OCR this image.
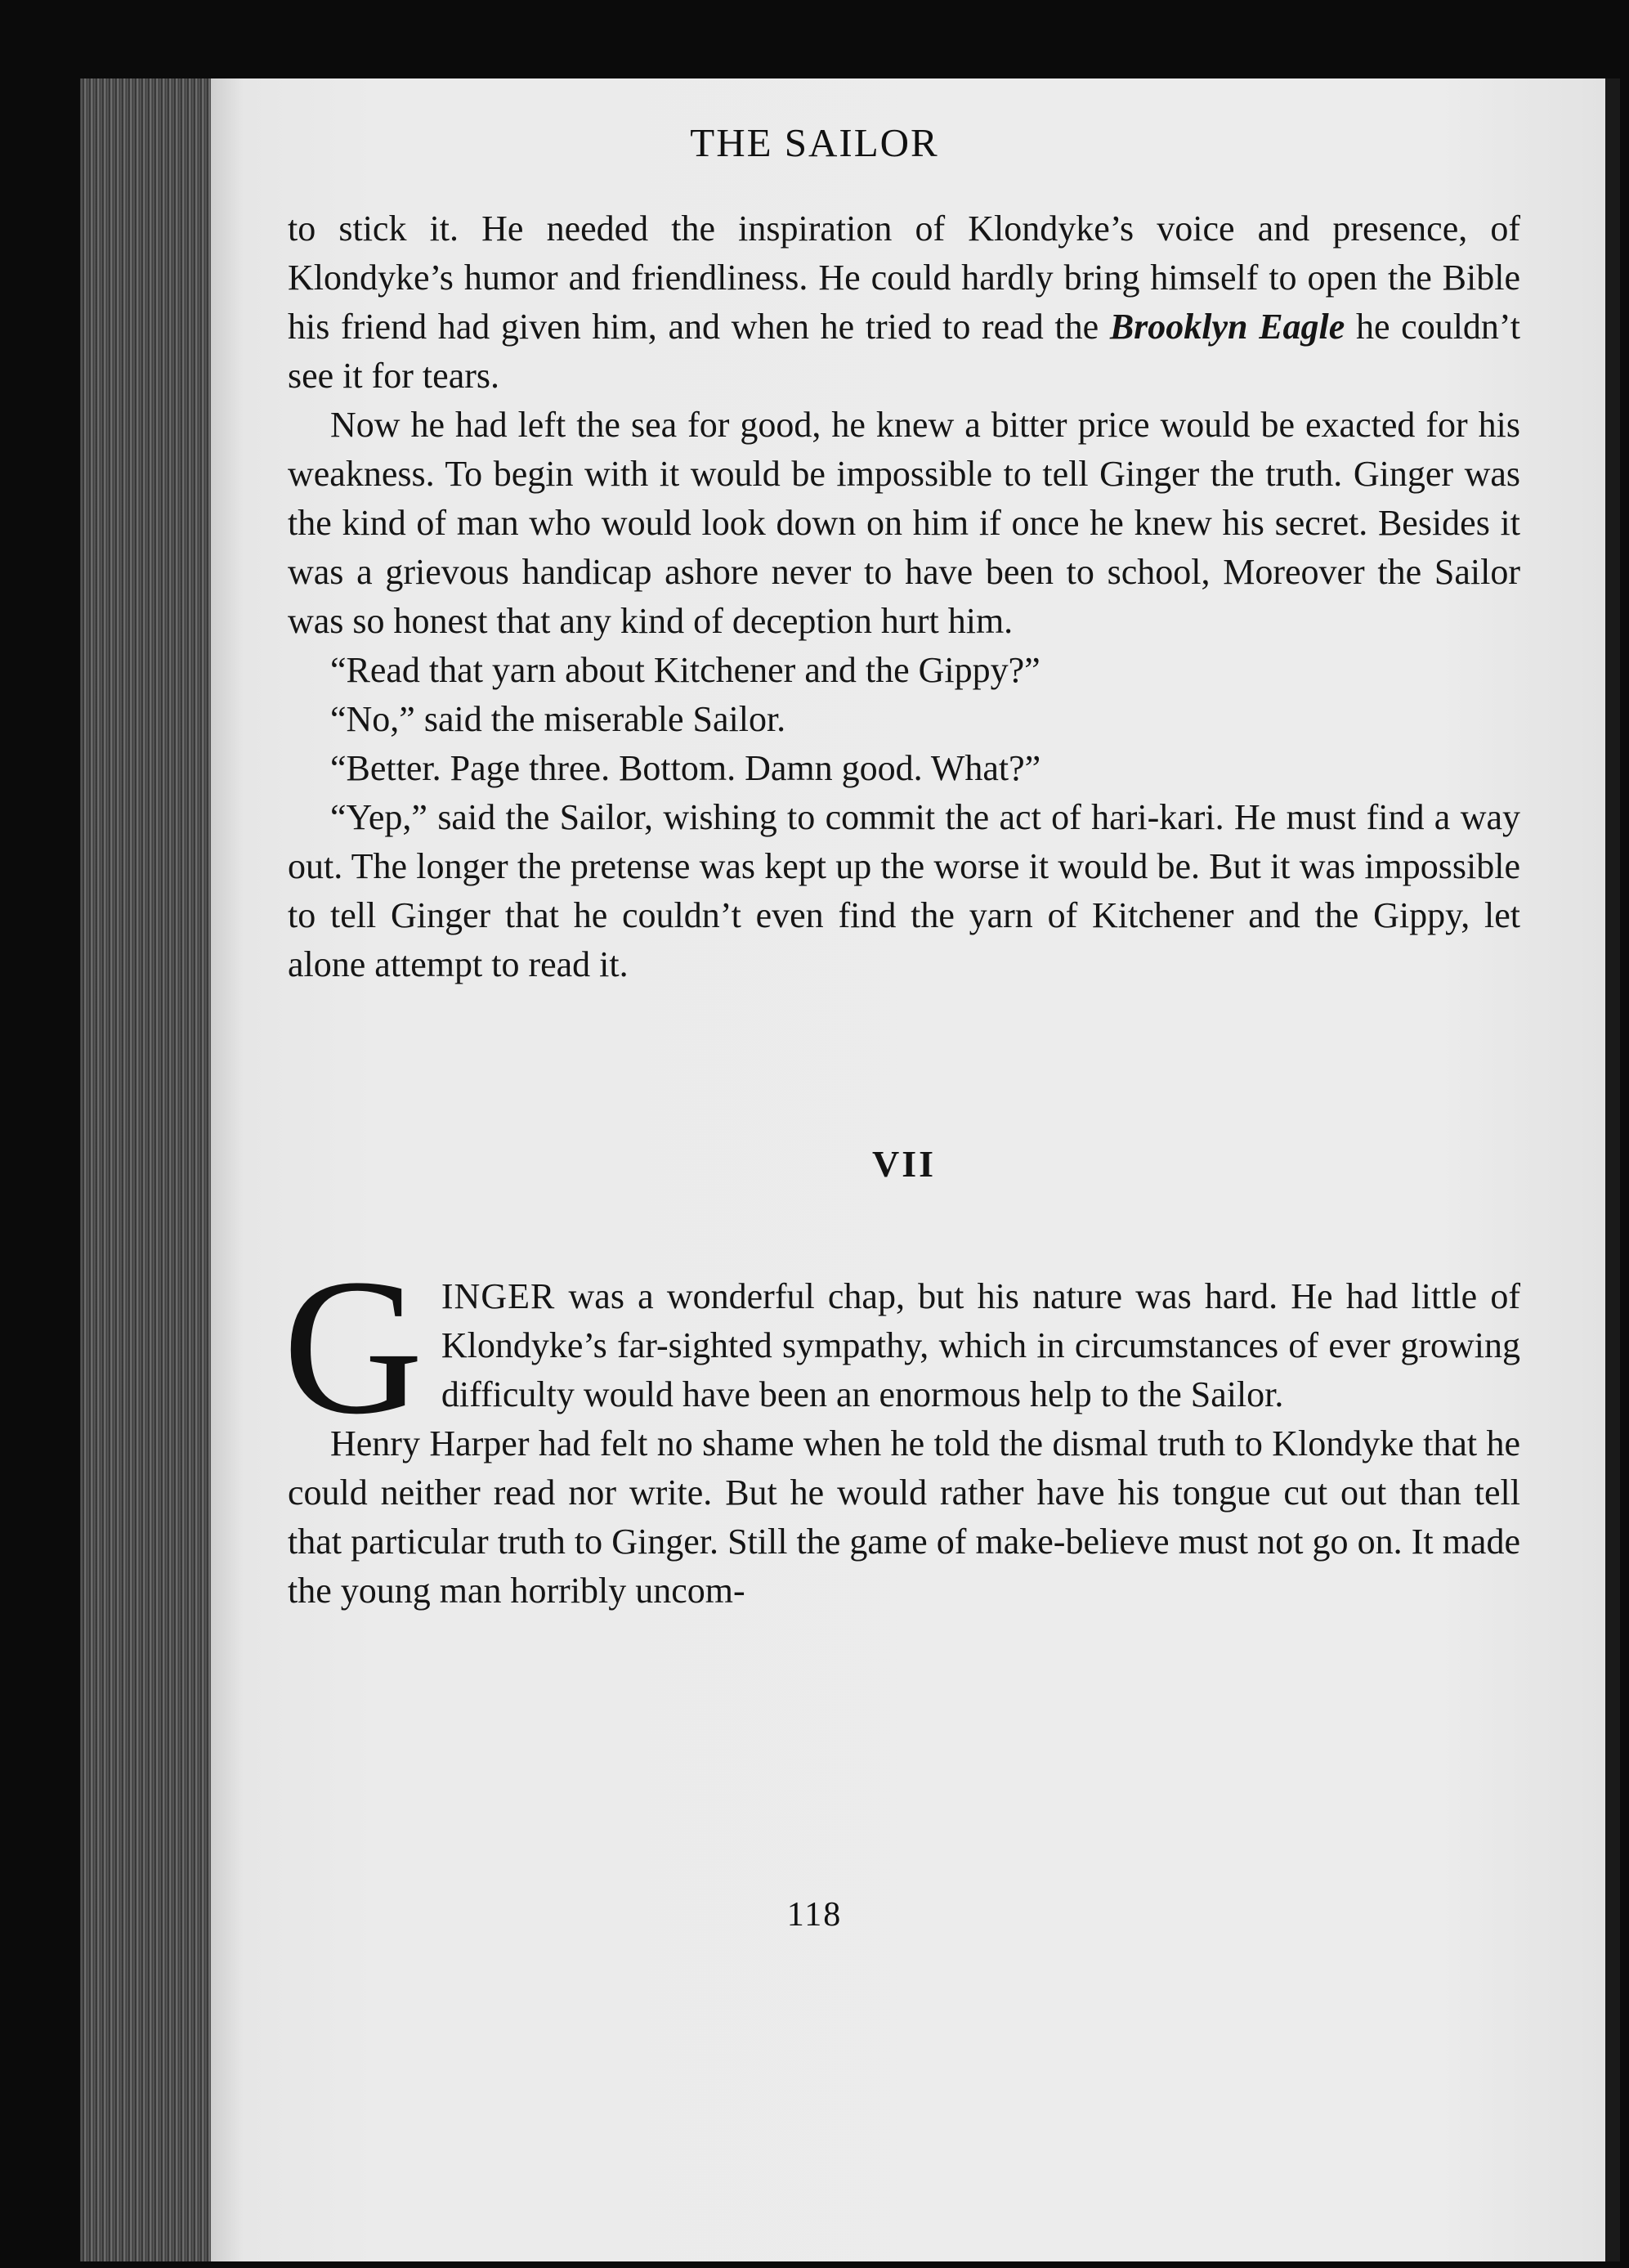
THE SAILOR

to stick it. He needed the inspiration of Klondyke’s voice and presence, of Klondyke’s humor and friendliness. He could hardly bring himself to open the Bible his friend had given him, and when he tried to read the Brooklyn Eagle he couldn’t see it for tears.

Now he had left the sea for good, he knew a bitter price would be exacted for his weakness. To begin with it would be impossible to tell Ginger the truth. Ginger was the kind of man who would look down on him if once he knew his secret. Besides it was a grievous handicap ashore never to have been to school, Moreover the Sailor was so honest that any kind of deception hurt him.

“Read that yarn about Kitchener and the Gippy?”

“No,” said the miserable Sailor.

“Better. Page three. Bottom. Damn good. What?”

“Yep,” said the Sailor, wishing to commit the act of hari-kari. He must find a way out. The longer the pretense was kept up the worse it would be. But it was impossible to tell Ginger that he couldn’t even find the yarn of Kitchener and the Gippy, let alone attempt to read it.

VII

GINGER was a wonderful chap, but his nature was hard. He had little of Klondyke’s far-sighted sympathy, which in circumstances of ever growing difficulty would have been an enormous help to the Sailor.

Henry Harper had felt no shame when he told the dismal truth to Klondyke that he could neither read nor write. But he would rather have his tongue cut out than tell that particular truth to Ginger. Still the game of make-believe must not go on. It made the young man horribly uncom-

118
